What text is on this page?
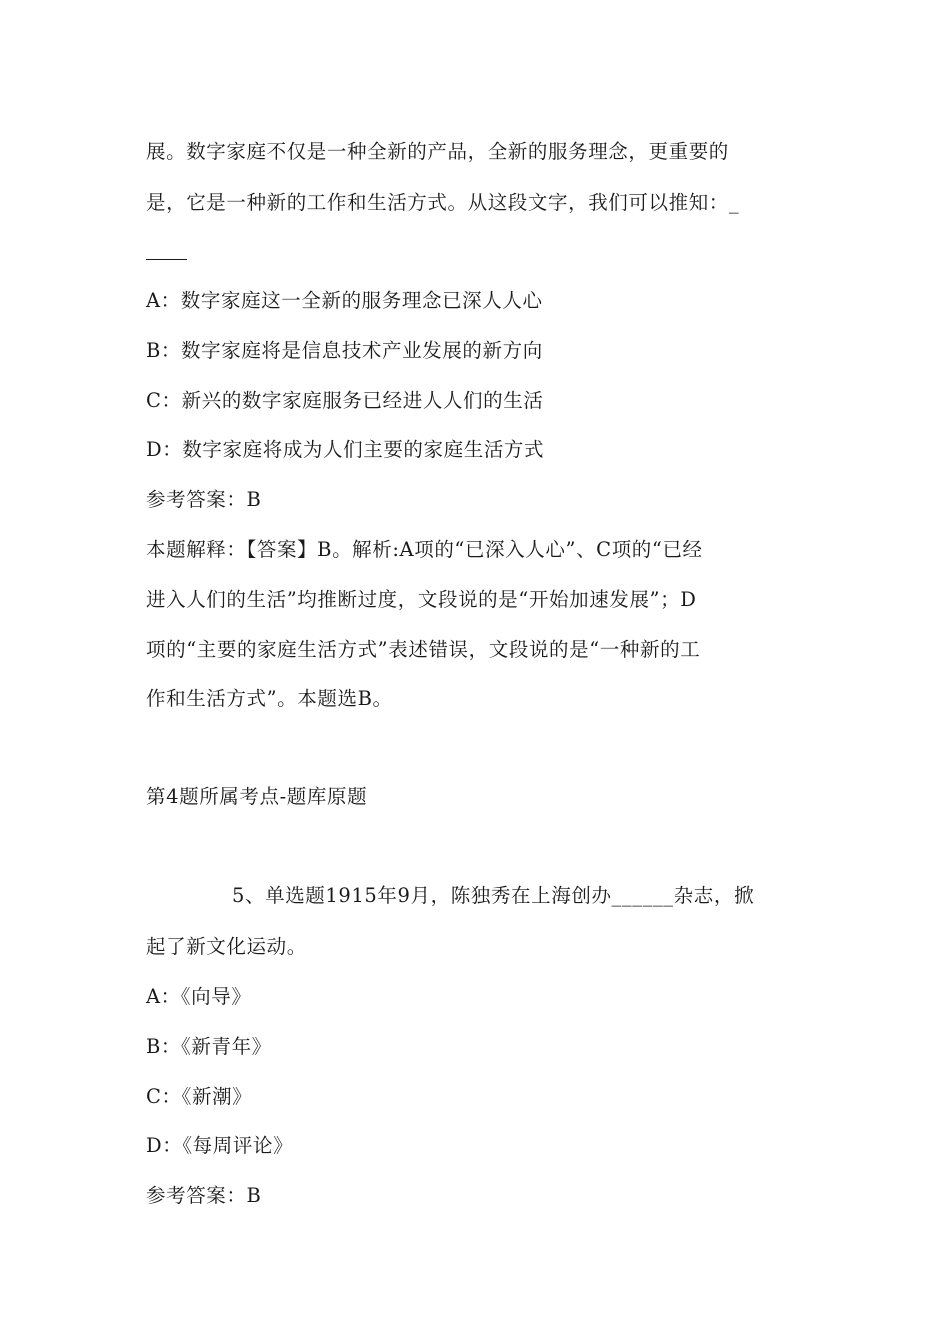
展。数字家庭不仅是一种全新的产品，全新的服务理念，更重要的

是，它是一种新的工作和生活方式。从这段文字，我们可以推知：_

A：数字家庭这一全新的服务理念已深人人心

B：数字家庭将是信息技术产业发展的新方向

C：新兴的数字家庭服务已经进人人们的生活

D：数字家庭将成为人们主要的家庭生活方式

参考答案：B

本题解释：【答案】B。解析:A项的“已深入人心”、C项的“已经

进入人们的生活”均推断过度，文段说的是“开始加速发展”；D

项的“主要的家庭生活方式”表述错误，文段说的是“一种新的工

作和生活方式”。本题选B。

第4题所属考点-题库原题

5、单选题1915年9月，陈独秀在上海创办______杂志，掀

起了新文化运动。

A：《向导》

B：《新青年》

C：《新潮》

D：《每周评论》

参考答案：B
